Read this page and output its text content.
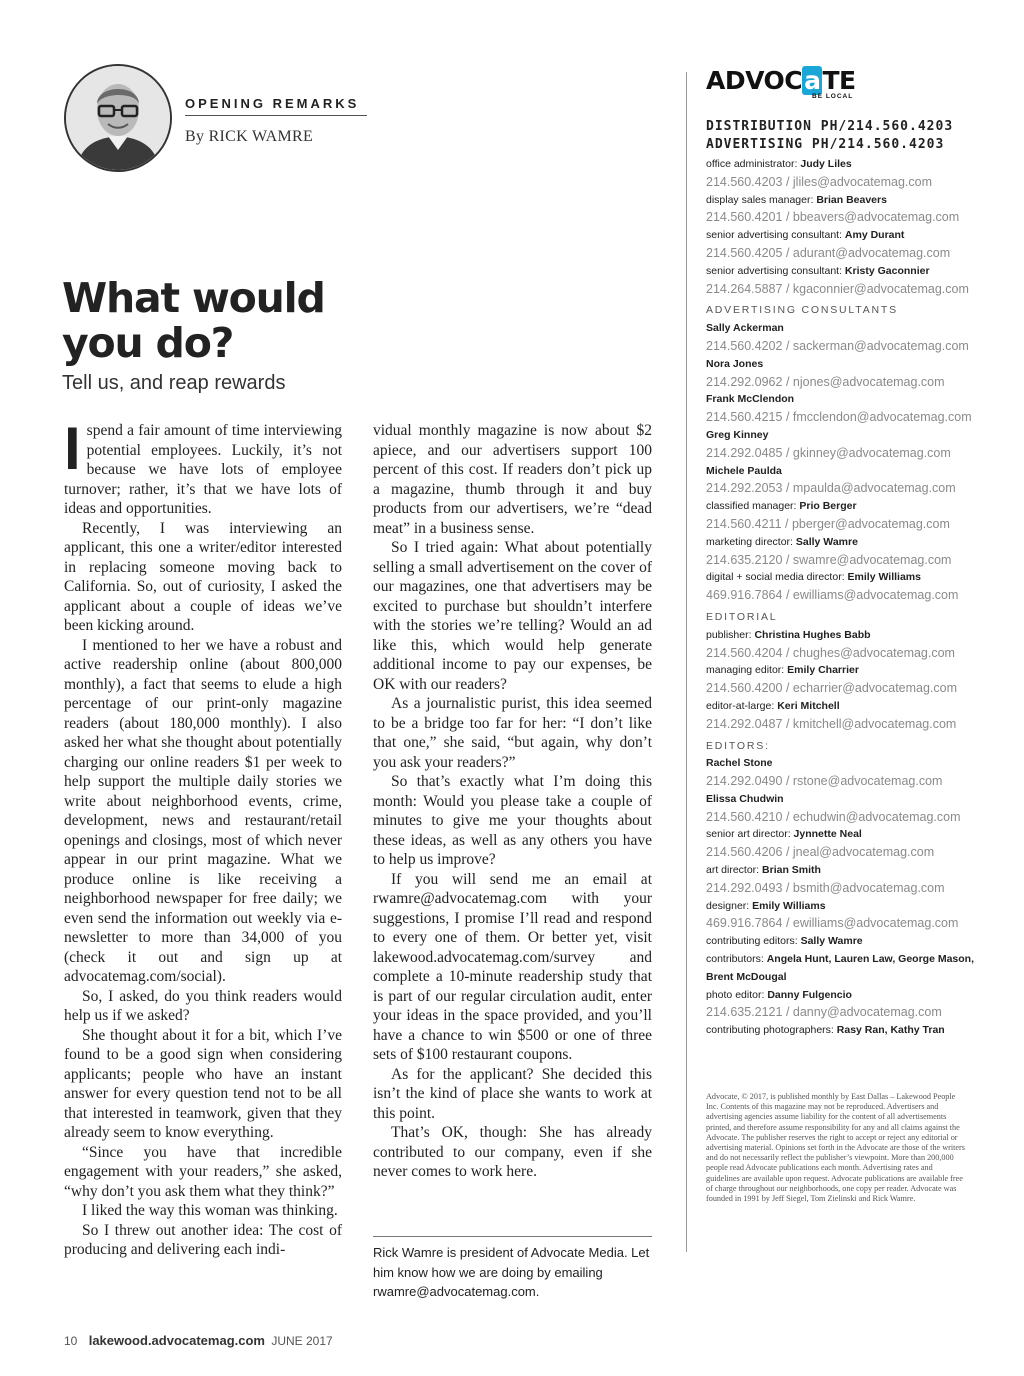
OPENING REMARKS
By RICK WAMRE
What would you do?
Tell us, and reap rewards

Ispend a fair amount of time interviewing potential employees. Luckily, it’s not because we have lots of employee turnover; rather, it’s that we have lots of ideas and opportunities.

Recently, I was interviewing an applicant, this one a writer/editor interested in replacing someone moving back to California. So, out of curiosity, I asked the applicant about a couple of ideas we’ve been kicking around.

I mentioned to her we have a robust and active readership online (about 800,000 monthly), a fact that seems to elude a high percentage of our print-only magazine readers (about 180,000 monthly). I also asked her what she thought about potentially charging our online readers $1 per week to help support the multiple daily stories we write about neighborhood events, crime, development, news and restaurant/retail openings and closings, most of which never appear in our print magazine. What we produce online is like receiving a neighborhood newspaper for free daily; we even send the information out weekly via e-newsletter to more than 34,000 of you (check it out and sign up at advocatemag.com/social).

So, I asked, do you think readers would help us if we asked?

She thought about it for a bit, which I’ve found to be a good sign when considering applicants; people who have an instant answer for every question tend not to be all that interested in teamwork, given that they already seem to know everything.

“Since you have that incredible engagement with your readers,” she asked, “why don’t you ask them what they think?”

I liked the way this woman was thinking.

So I threw out another idea: The cost of producing and delivering each indi-

vidual monthly magazine is now about $2 apiece, and our advertisers support 100 percent of this cost. If readers don’t pick up a magazine, thumb through it and buy products from our advertisers, we’re “dead meat” in a business sense.

So I tried again: What about potentially selling a small advertisement on the cover of our magazines, one that advertisers may be excited to purchase but shouldn’t interfere with the stories we’re telling? Would an ad like this, which would help generate additional income to pay our expenses, be OK with our readers?

As a journalistic purist, this idea seemed to be a bridge too far for her: “I don’t like that one,” she said, “but again, why don’t you ask your readers?”

So that’s exactly what I’m doing this month: Would you please take a couple of minutes to give me your thoughts about these ideas, as well as any others you have to help us improve?

If you will send me an email at rwamre@advocatemag.com with your suggestions, I promise I’ll read and respond to every one of them. Or better yet, visit lakewood.advocatemag.com/survey and complete a 10-minute readership study that is part of our regular circulation audit, enter your ideas in the space provided, and you’ll have a chance to win $500 or one of three sets of $100 restaurant coupons.

As for the applicant? She decided this isn’t the kind of place she wants to work at this point.

That’s OK, though: She has already contributed to our company, even if she never comes to work here.

Rick Wamre is president of Advocate Media. Let him know how we are doing by emailing rwamre@advocatemag.com.

10 lakewood.advocatemag.com JUNE 2017
ADVOCaTE
BE LOCAL
DISTRIBUTION PH/214.560.4203
ADVERTISING PH/214.560.4203
office administrator: Judy Liles
214.560.4203 / jliles@advocatemag.com
display sales manager: Brian Beavers
214.560.4201 / bbeavers@advocatemag.com
senior advertising consultant: Amy Durant
214.560.4205 / adurant@advocatemag.com
senior advertising consultant: Kristy Gaconnier
214.264.5887 / kgaconnier@advocatemag.com
ADVERTISING CONSULTANTS
Sally Ackerman
214.560.4202 / sackerman@advocatemag.com
Nora Jones
214.292.0962 / njones@advocatemag.com
Frank McClendon
214.560.4215 / fmcclendon@advocatemag.com
Greg Kinney
214.292.0485 / gkinney@advocatemag.com
Michele Paulda
214.292.2053 / mpaulda@advocatemag.com
classified manager: Prio Berger
214.560.4211 / pberger@advocatemag.com
marketing director: Sally Wamre
214.635.2120 / swamre@advocatemag.com
digital + social media director: Emily Williams
469.916.7864 / ewilliams@advocatemag.com
EDITORIAL
publisher: Christina Hughes Babb
214.560.4204 / chughes@advocatemag.com
managing editor: Emily Charrier
214.560.4200 / echarrier@advocatemag.com
editor-at-large: Keri Mitchell
214.292.0487 / kmitchell@advocatemag.com
EDITORS:
Rachel Stone
214.292.0490 / rstone@advocatemag.com
Elissa Chudwin
214.560.4210 / echudwin@advocatemag.com
senior art director: Jynnette Neal
214.560.4206 / jneal@advocatemag.com
art director: Brian Smith
214.292.0493 / bsmith@advocatemag.com
designer: Emily Williams
469.916.7864 / ewilliams@advocatemag.com
contributing editors: Sally Wamre
contributors: Angela Hunt, Lauren Law, George Mason, Brent McDougal
photo editor: Danny Fulgencio
214.635.2121 / danny@advocatemag.com
contributing photographers: Rasy Ran, Kathy Tran

Advocate, © 2017, is published monthly by East Dallas – Lakewood People Inc. Contents of this magazine may not be reproduced. Advertisers and advertising agencies assume liability for the content of all advertisements printed, and therefore assume responsibility for any and all claims against the Advocate. The publisher reserves the right to accept or reject any editorial or advertising material. Opinions set forth in the Advocate are those of the writers and do not necessarily reflect the publisher’s viewpoint. More than 200,000 people read Advocate publications each month. Advertising rates and guidelines are available upon request. Advocate publications are available free of charge throughout our neighborhoods, one copy per reader. Advocate was founded in 1991 by Jeff Siegel, Tom Zielinski and Rick Wamre.
